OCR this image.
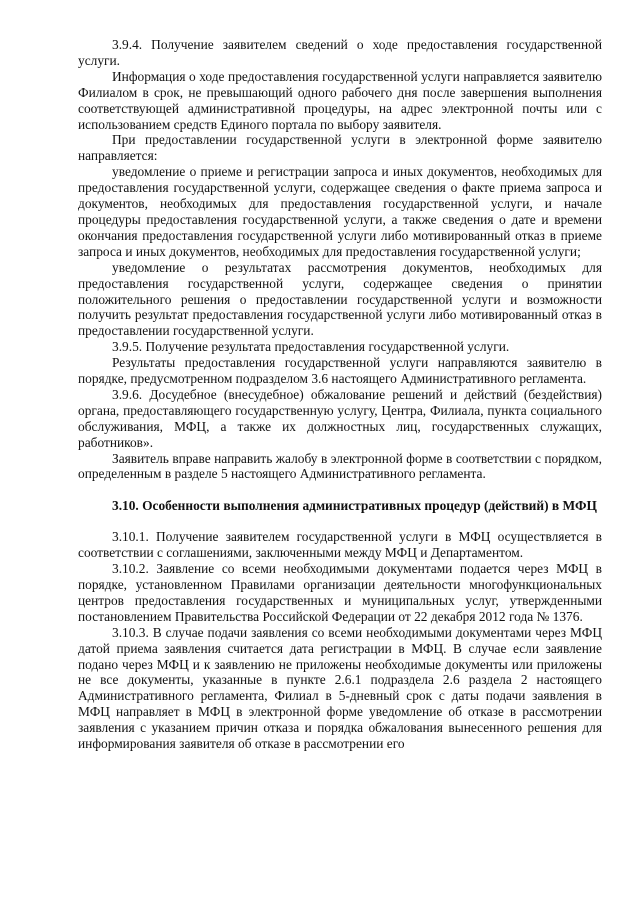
3.9.4. Получение заявителем сведений о ходе предоставления государственной услуги.

Информация о ходе предоставления государственной услуги направляется заявителю Филиалом в срок, не превышающий одного рабочего дня после завершения выполнения соответствующей административной процедуры, на адрес электронной почты или с использованием средств Единого портала по выбору заявителя.

При предоставлении государственной услуги в электронной форме заявителю направляется:

уведомление о приеме и регистрации запроса и иных документов, необходимых для предоставления государственной услуги, содержащее сведения о факте приема запроса и документов, необходимых для предоставления государственной услуги, и начале процедуры предоставления государственной услуги, а также сведения о дате и времени окончания предоставления государственной услуги либо мотивированный отказ в приеме запроса и иных документов, необходимых для предоставления государственной услуги;

уведомление о результатах рассмотрения документов, необходимых для предоставления государственной услуги, содержащее сведения о принятии положительного решения о предоставлении государственной услуги и возможности получить результат предоставления государственной услуги либо мотивированный отказ в предоставлении государственной услуги.

3.9.5. Получение результата предоставления государственной услуги.

Результаты предоставления государственной услуги направляются заявителю в порядке, предусмотренном подразделом 3.6 настоящего Административного регламента.

3.9.6. Досудебное (внесудебное) обжалование решений и действий (бездействия) органа, предоставляющего государственную услугу, Центра, Филиала, пункта социального обслуживания, МФЦ, а также их должностных лиц, государственных служащих, работников».

Заявитель вправе направить жалобу в электронной форме в соответствии с порядком, определенным в разделе 5 настоящего Административного регламента.

3.10. Особенности выполнения административных процедур (действий) в МФЦ

3.10.1. Получение заявителем государственной услуги в МФЦ осуществляется в соответствии с соглашениями, заключенными между МФЦ и Департаментом.

3.10.2. Заявление со всеми необходимыми документами подается через МФЦ в порядке, установленном Правилами организации деятельности многофункциональных центров предоставления государственных и муниципальных услуг, утвержденными постановлением Правительства Российской Федерации от 22 декабря 2012 года № 1376.

3.10.3. В случае подачи заявления со всеми необходимыми документами через МФЦ датой приема заявления считается дата регистрации в МФЦ. В случае если заявление подано через МФЦ и к заявлению не приложены необходимые документы или приложены не все документы, указанные в пункте 2.6.1 подраздела 2.6 раздела 2 настоящего Административного регламента, Филиал в 5-дневный срок с даты подачи заявления в МФЦ направляет в МФЦ в электронной форме уведомление об отказе в рассмотрении заявления с указанием причин отказа и порядка обжалования вынесенного решения для информирования заявителя об отказе в рассмотрении его
